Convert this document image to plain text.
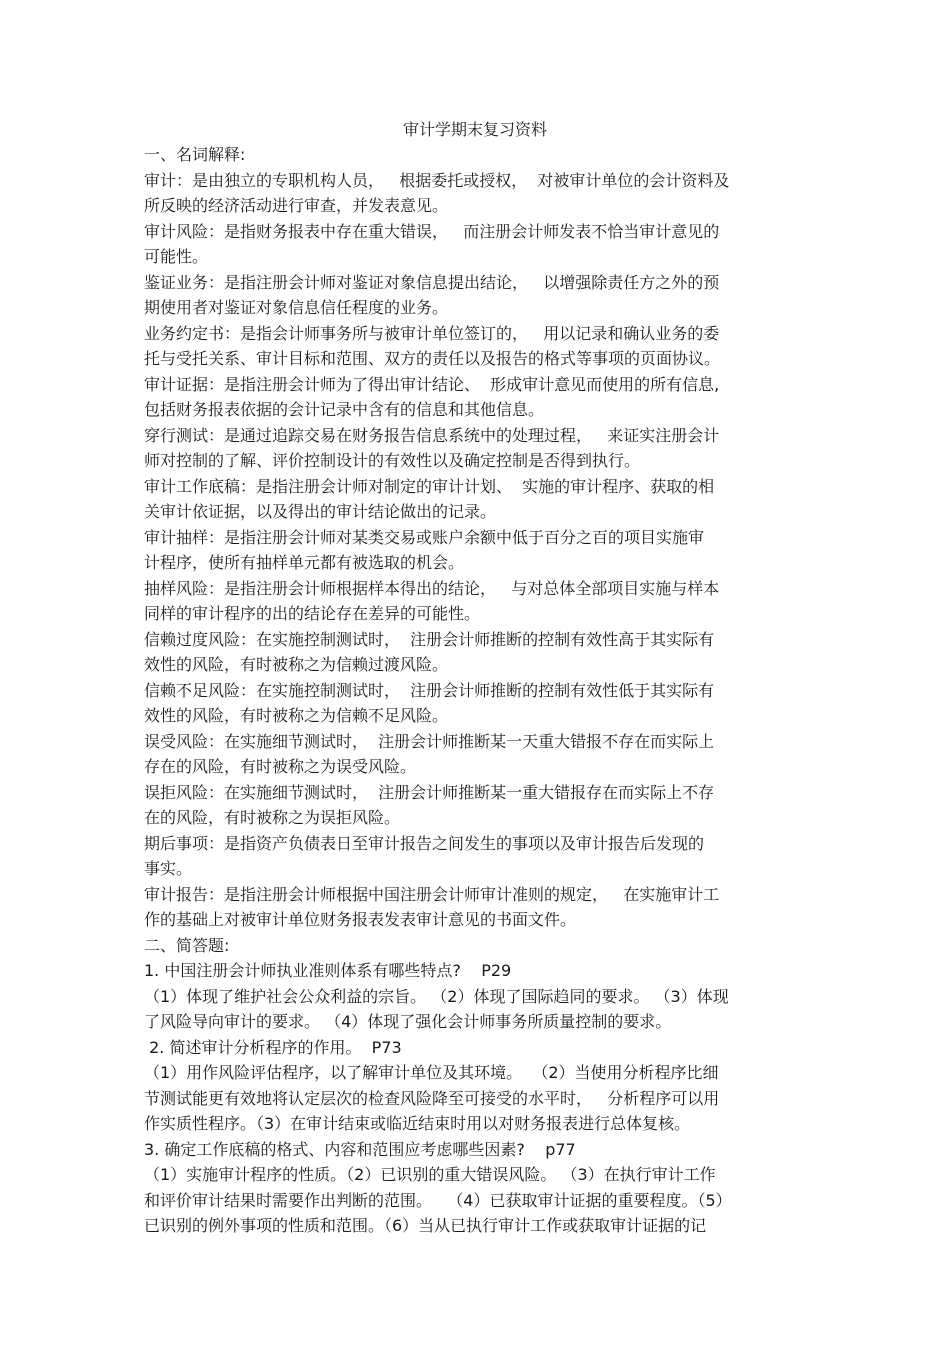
审计学期末复习资料
一、名词解释:
审计：是由独立的专职机构人员，   根据委托或授权，  对被审计单位的会计资料及
所反映的经济活动进行审查，并发表意见。
审计风险：是指财务报表中存在重大错误，   而注册会计师发表不恰当审计意见的
可能性。
鉴证业务：是指注册会计师对鉴证对象信息提出结论，   以增强除责任方之外的预
期使用者对鉴证对象信息信任程度的业务。
业务约定书：是指会计师事务所与被审计单位签订的，   用以记录和确认业务的委
托与受托关系、审计目标和范围、双方的责任以及报告的格式等事项的页面协议。
审计证据：是指注册会计师为了得出审计结论、  形成审计意见而使用的所有信息,
包括财务报表依据的会计记录中含有的信息和其他信息。
穿行测试：是通过追踪交易在财务报告信息系统中的处理过程，   来证实注册会计
师对控制的了解、评价控制设计的有效性以及确定控制是否得到执行。
审计工作底稿：是指注册会计师对制定的审计计划、  实施的审计程序、获取的相
关审计依证据，以及得出的审计结论做出的记录。
审计抽样：是指注册会计师对某类交易或账户余额中低于百分之百的项目实施审
计程序，使所有抽样单元都有被选取的机会。
抽样风险：是指注册会计师根据样本得出的结论，   与对总体全部项目实施与样本
同样的审计程序的出的结论存在差异的可能性。
信赖过度风险：在实施控制测试时，  注册会计师推断的控制有效性高于其实际有
效性的风险，有时被称之为信赖过渡风险。
信赖不足风险：在实施控制测试时，  注册会计师推断的控制有效性低于其实际有
效性的风险，有时被称之为信赖不足风险。
误受风险：在实施细节测试时，  注册会计师推断某一天重大错报不存在而实际上
存在的风险，有时被称之为误受风险。
误拒风险：在实施细节测试时，  注册会计师推断某一重大错报存在而实际上不存
在的风险，有时被称之为误拒风险。
期后事项：是指资产负债表日至审计报告之间发生的事项以及审计报告后发现的
事实。
审计报告：是指注册会计师根据中国注册会计师审计准则的规定，   在实施审计工
作的基础上对被审计单位财务报表发表审计意见的书面文件。
二、简答题:
1. 中国注册会计师执业准则体系有哪些特点?    P29
（1）体现了维护社会公众利益的宗旨。 （2）体现了国际趋同的要求。 （3）体现
了风险导向审计的要求。 （4）体现了强化会计师事务所质量控制的要求。
2. 简述审计分析程序的作用。  P73
（1）用作风险评估程序，以了解审计单位及其环境。  （2）当使用分析程序比细
节测试能更有效地将认定层次的检查风险降至可接受的水平时，   分析程序可以用
作实质性程序。（3）在审计结束或临近结束时用以对财务报表进行总体复核。
3. 确定工作底稿的格式、内容和范围应考虑哪些因素?    p77
（1）实施审计程序的性质。（2）已识别的重大错误风险。 （3）在执行审计工作
和评价审计结果时需要作出判断的范围。   （4）已获取审计证据的重要程度。（5）
已识别的例外事项的性质和范围。（6）当从已执行审计工作或获取审计证据的记
